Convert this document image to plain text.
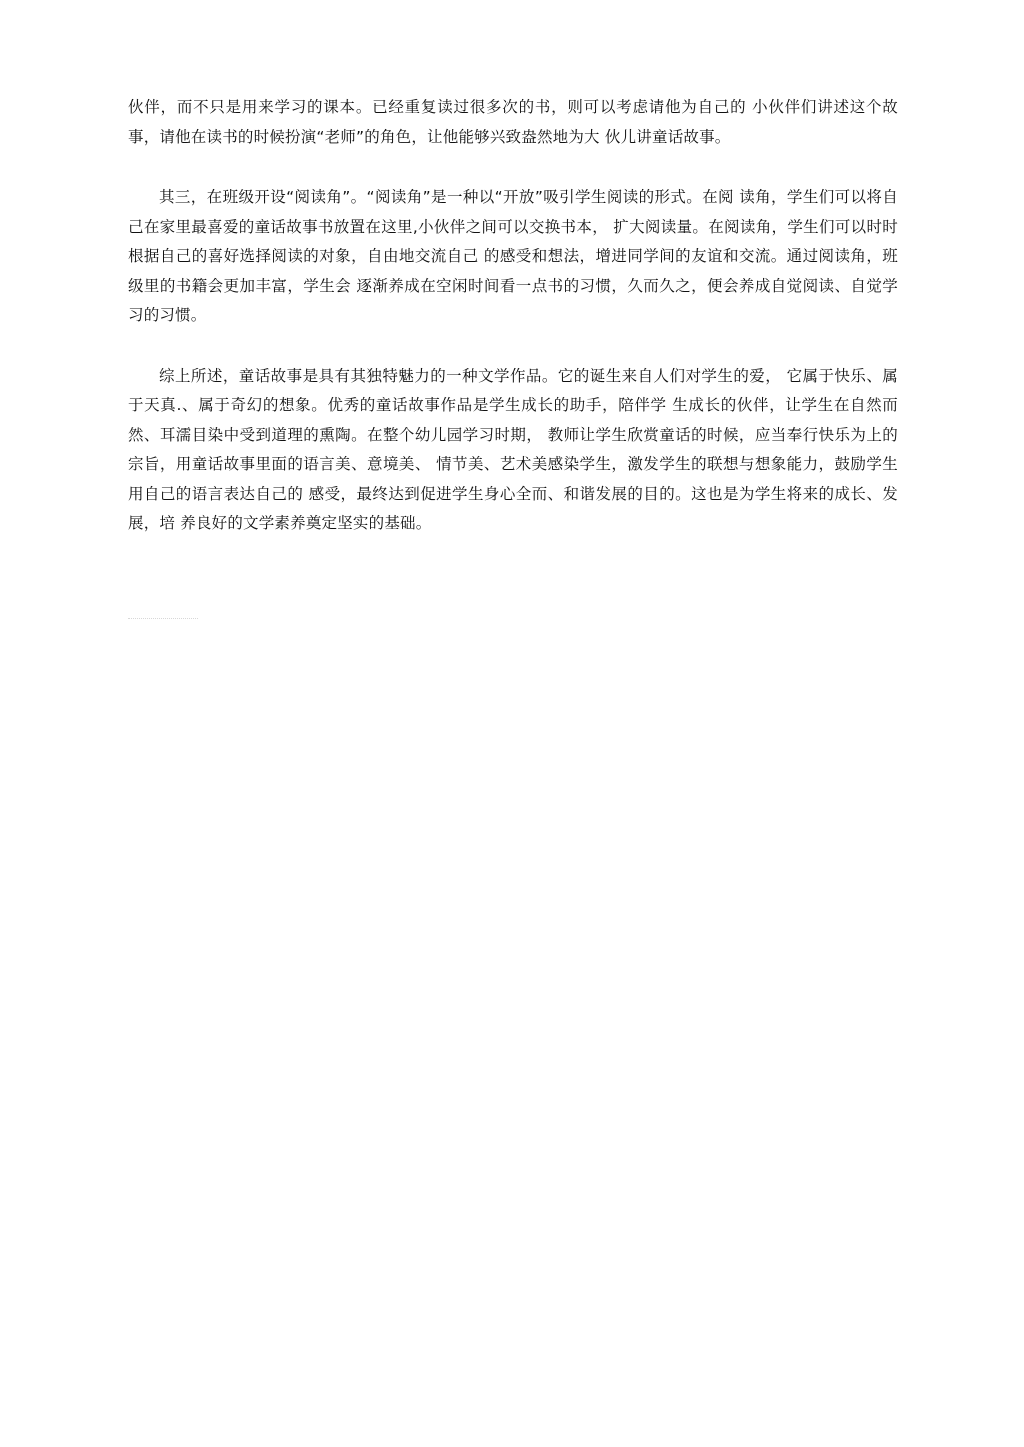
伙伴，而不只是用来学习的课本。已经重复读过很多次的书，则可以考虑请他为自己的 小伙伴们讲述这个故事，请他在读书的时候扮演“老师”的角色，让他能够兴致盎然地为大 伙儿讲童话故事。

其三，在班级开设“阅读角”。“阅读角”是一种以“开放”吸引学生阅读的形式。在阅 读角，学生们可以将自己在家里最喜爱的童话故事书放置在这里,小伙伴之间可以交换书本， 扩大阅读量。在阅读角，学生们可以时时根据自己的喜好选择阅读的对象，自由地交流自己 的感受和想法，增进同学间的友谊和交流。通过阅读角，班级里的书籍会更加丰富，学生会 逐渐养成在空闲时间看一点书的习惯，久而久之，便会养成自觉阅读、自觉学习的习惯。

综上所述，童话故事是具有其独特魅力的一种文学作品。它的诞生来自人们对学生的爱， 它属于快乐、属于天真.、属于奇幻的想象。优秀的童话故事作品是学生成长的助手，陪伴学 生成长的伙伴，让学生在自然而然、耳濡目染中受到道理的熏陶。在整个幼儿园学习时期， 教师让学生欣赏童话的时候，应当奉行快乐为上的宗旨，用童话故事里面的语言美、意境美、 情节美、艺术美感染学生，激发学生的联想与想象能力，鼓励学生用自己的语言表达自己的 感受，最终达到促进学生身心全而、和谐发展的目的。这也是为学生将来的成长、发展，培 养良好的文学素养奠定坚实的基础。
